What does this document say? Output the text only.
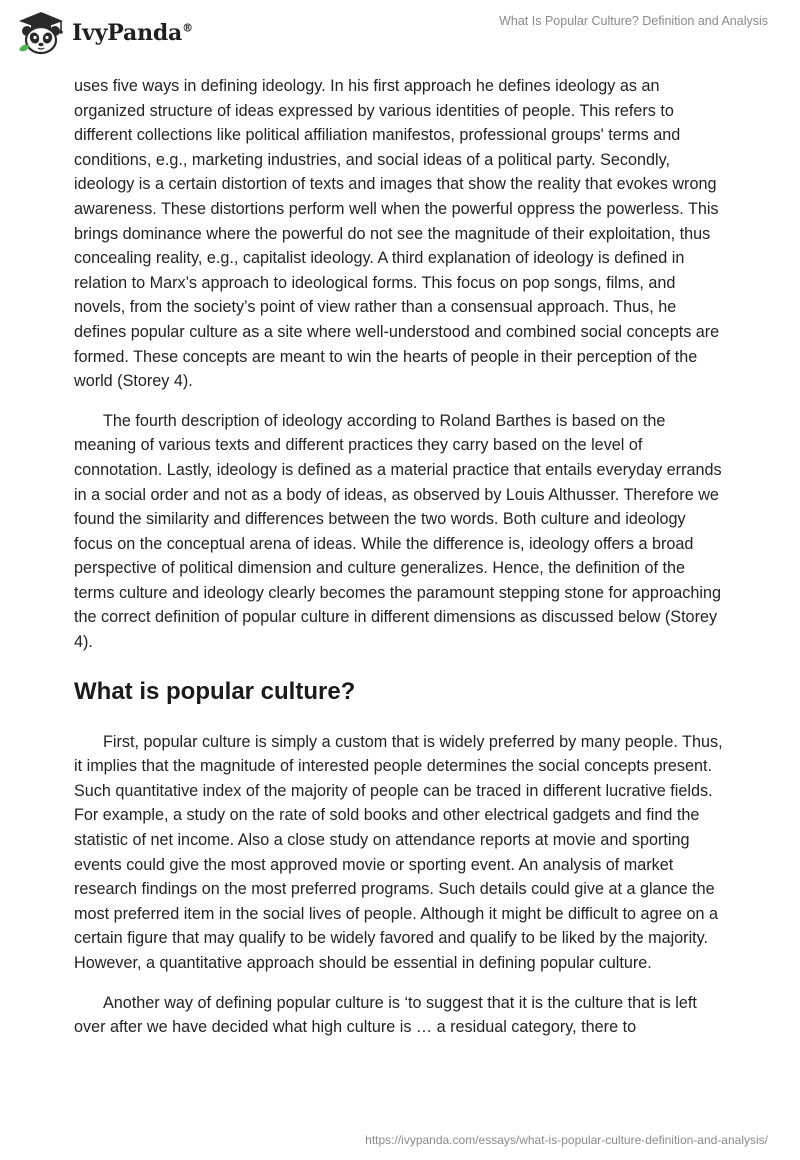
IvyPanda®
What Is Popular Culture? Definition and Analysis

uses five ways in defining ideology. In his first approach he defines ideology as an organized structure of ideas expressed by various identities of people. This refers to different collections like political affiliation manifestos, professional groups' terms and conditions, e.g., marketing industries, and social ideas of a political party. Secondly, ideology is a certain distortion of texts and images that show the reality that evokes wrong awareness. These distortions perform well when the powerful oppress the powerless. This brings dominance where the powerful do not see the magnitude of their exploitation, thus concealing reality, e.g., capitalist ideology. A third explanation of ideology is defined in relation to Marx’s approach to ideological forms. This focus on pop songs, films, and novels, from the society’s point of view rather than a consensual approach. Thus, he defines popular culture as a site where well-understood and combined social concepts are formed. These concepts are meant to win the hearts of people in their perception of the world (Storey 4).

The fourth description of ideology according to Roland Barthes is based on the meaning of various texts and different practices they carry based on the level of connotation. Lastly, ideology is defined as a material practice that entails everyday errands in a social order and not as a body of ideas, as observed by Louis Althusser. Therefore we found the similarity and differences between the two words. Both culture and ideology focus on the conceptual arena of ideas. While the difference is, ideology offers a broad perspective of political dimension and culture generalizes. Hence, the definition of the terms culture and ideology clearly becomes the paramount stepping stone for approaching the correct definition of popular culture in different dimensions as discussed below (Storey 4).

What is popular culture?

First, popular culture is simply a custom that is widely preferred by many people. Thus, it implies that the magnitude of interested people determines the social concepts present. Such quantitative index of the majority of people can be traced in different lucrative fields. For example, a study on the rate of sold books and other electrical gadgets and find the statistic of net income. Also a close study on attendance reports at movie and sporting events could give the most approved movie or sporting event. An analysis of market research findings on the most preferred programs. Such details could give at a glance the most preferred item in the social lives of people. Although it might be difficult to agree on a certain figure that may qualify to be widely favored and qualify to be liked by the majority. However, a quantitative approach should be essential in defining popular culture.

Another way of defining popular culture is ‘to suggest that it is the culture that is left over after we have decided what high culture is … a residual category, there to

https://ivypanda.com/essays/what-is-popular-culture-definition-and-analysis/
